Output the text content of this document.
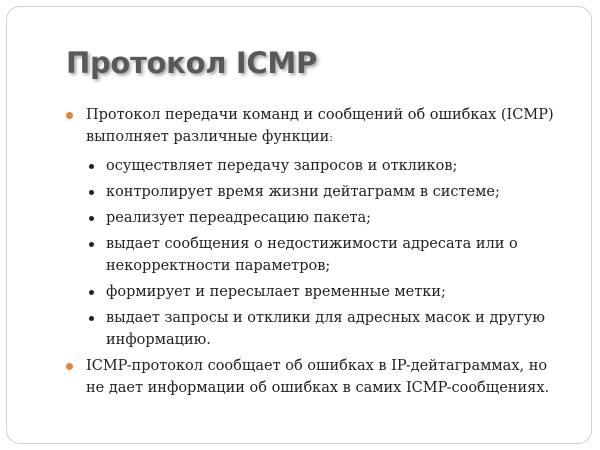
Протокол ICMP
Протокол передачи команд и сообщений об ошибках (ICMP) выполняет различные функции:
осуществляет передачу запросов и откликов;
контролирует время жизни дейтаграмм в системе;
реализует переадресацию пакета;
выдает сообщения о недостижимости адресата или о некорректности параметров;
формирует и пересылает временные метки;
выдает запросы и отклики для адресных масок и другую информацию.
ICMP-протокол сообщает об ошибках в IP-дейтаграммах, но не дает информации об ошибках в самих ICMP-сообщениях.
